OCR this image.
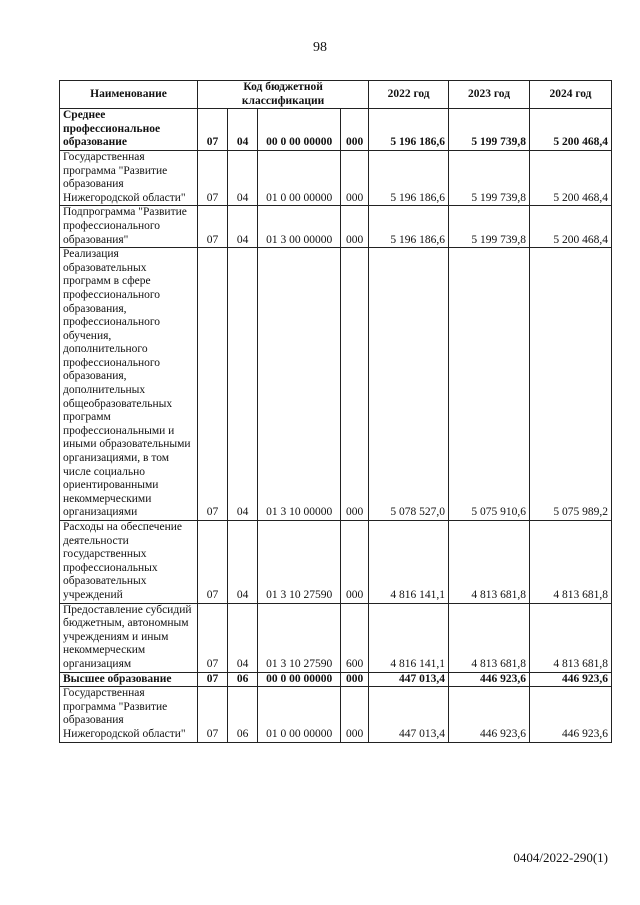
98
Наименование	Код бюджетной классификации				2022 год	2023 год	2024 год
Среднее профессиональное образование	07	04	00 0 00 00000	000	5 196 186,6	5 199 739,8	5 200 468,4
Государственная программа "Развитие образования Нижегородской области"	07	04	01 0 00 00000	000	5 196 186,6	5 199 739,8	5 200 468,4
Подпрограмма "Развитие профессионального образования"	07	04	01 3 00 00000	000	5 196 186,6	5 199 739,8	5 200 468,4
Реализация образовательных программ в сфере профессионального образования, профессионального обучения, дополнительного профессионального образования, дополнительных общеобразовательных программ профессиональными и иными образовательными организациями, в том числе социально ориентированными некоммерческими организациями	07	04	01 3 10 00000	000	5 078 527,0	5 075 910,6	5 075 989,2
Расходы на обеспечение деятельности государственных профессиональных образовательных учреждений	07	04	01 3 10 27590	000	4 816 141,1	4 813 681,8	4 813 681,8
Предоставление субсидий бюджетным, автономным учреждениям и иным некоммерческим организациям	07	04	01 3 10 27590	600	4 816 141,1	4 813 681,8	4 813 681,8
Высшее образование	07	06	00 0 00 00000	000	447 013,4	446 923,6	446 923,6
Государственная программа "Развитие образования Нижегородской области"	07	06	01 0 00 00000	000	447 013,4	446 923,6	446 923,6
0404/2022-290(1)
